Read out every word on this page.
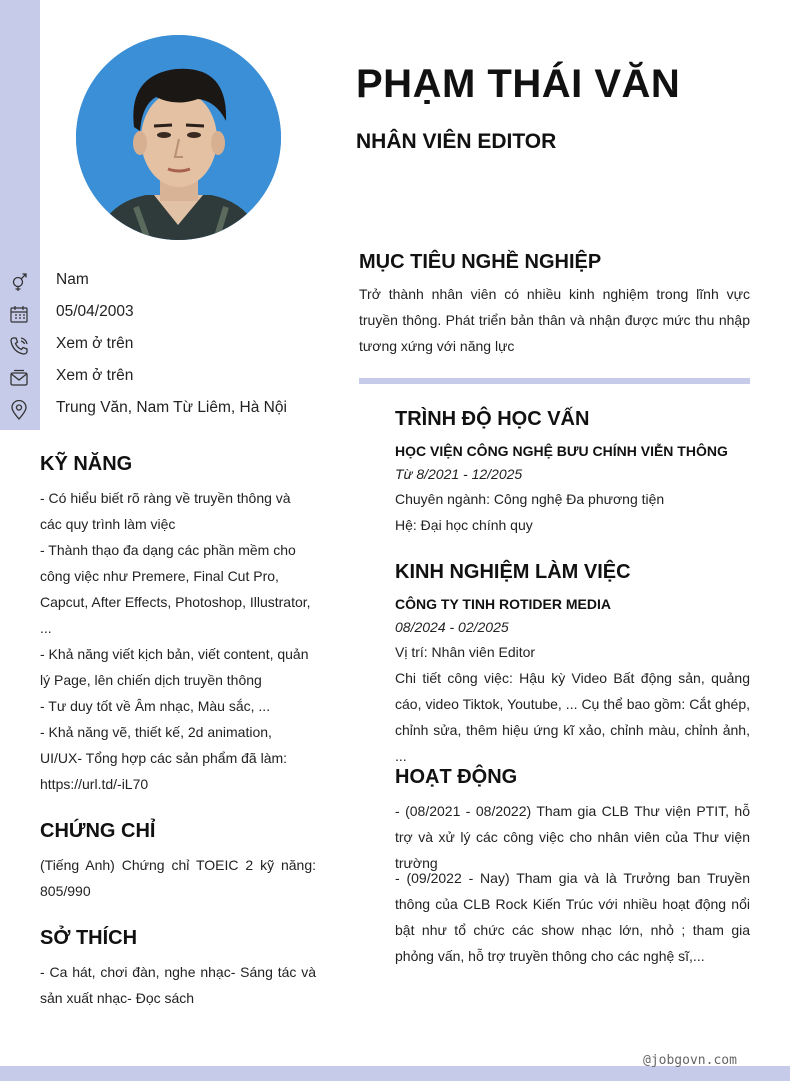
PHẠM THÁI VĂN
NHÂN VIÊN EDITOR
Nam
05/04/2003
Xem ở trên
Xem ở trên
Trung Văn, Nam Từ Liêm, Hà Nội
KỸ NĂNG
- Có hiểu biết rõ ràng về truyền thông và các quy trình làm việc
- Thành thạo đa dạng các phần mềm cho công việc như Premere, Final Cut Pro, Capcut, After Effects, Photoshop, Illustrator, ...
- Khả năng viết kịch bản, viết content, quản lý Page, lên chiến dịch truyền thông
- Tư duy tốt về Âm nhạc, Màu sắc, ...
- Khả năng vẽ, thiết kế, 2d animation, UI/UX- Tổng hợp các sản phẩm đã làm: https://url.td/-iL70
CHỨNG CHỈ
(Tiếng Anh) Chứng chỉ TOEIC 2 kỹ năng: 805/990
SỞ THÍCH
- Ca hát, chơi đàn, nghe nhạc- Sáng tác và sản xuất nhạc- Đọc sách
MỤC TIÊU NGHỀ NGHIỆP
Trở thành nhân viên có nhiều kinh nghiệm trong lĩnh vực truyền thông. Phát triển bản thân và nhận được mức thu nhập tương xứng với năng lực
TRÌNH ĐỘ HỌC VẤN
HỌC VIỆN CÔNG NGHỆ BƯU CHÍNH VIỄN THÔNG
Từ 8/2021 - 12/2025
Chuyên ngành: Công nghệ Đa phương tiện
Hệ: Đại học chính quy
KINH NGHIỆM LÀM VIỆC
CÔNG TY TINH ROTIDER MEDIA
08/2024 - 02/2025
Vị trí: Nhân viên Editor
Chi tiết công việc: Hậu kỳ Video Bất động sản, quảng cáo, video Tiktok, Youtube, ... Cụ thể bao gồm: Cắt ghép, chỉnh sửa, thêm hiệu ứng kĩ xảo, chỉnh màu, chỉnh ảnh, ...
HOẠT ĐỘNG
- (08/2021 - 08/2022) Tham gia CLB Thư viện PTIT, hỗ trợ và xử lý các công việc cho nhân viên của Thư viện trường
- (09/2022 - Nay) Tham gia và là Trưởng ban Truyền thông của CLB Rock Kiến Trúc với nhiều hoạt động nổi bật như tổ chức các show nhạc lớn, nhỏ ; tham gia phỏng vấn, hỗ trợ truyền thông cho các nghệ sĩ,...
@jobgovn.com
